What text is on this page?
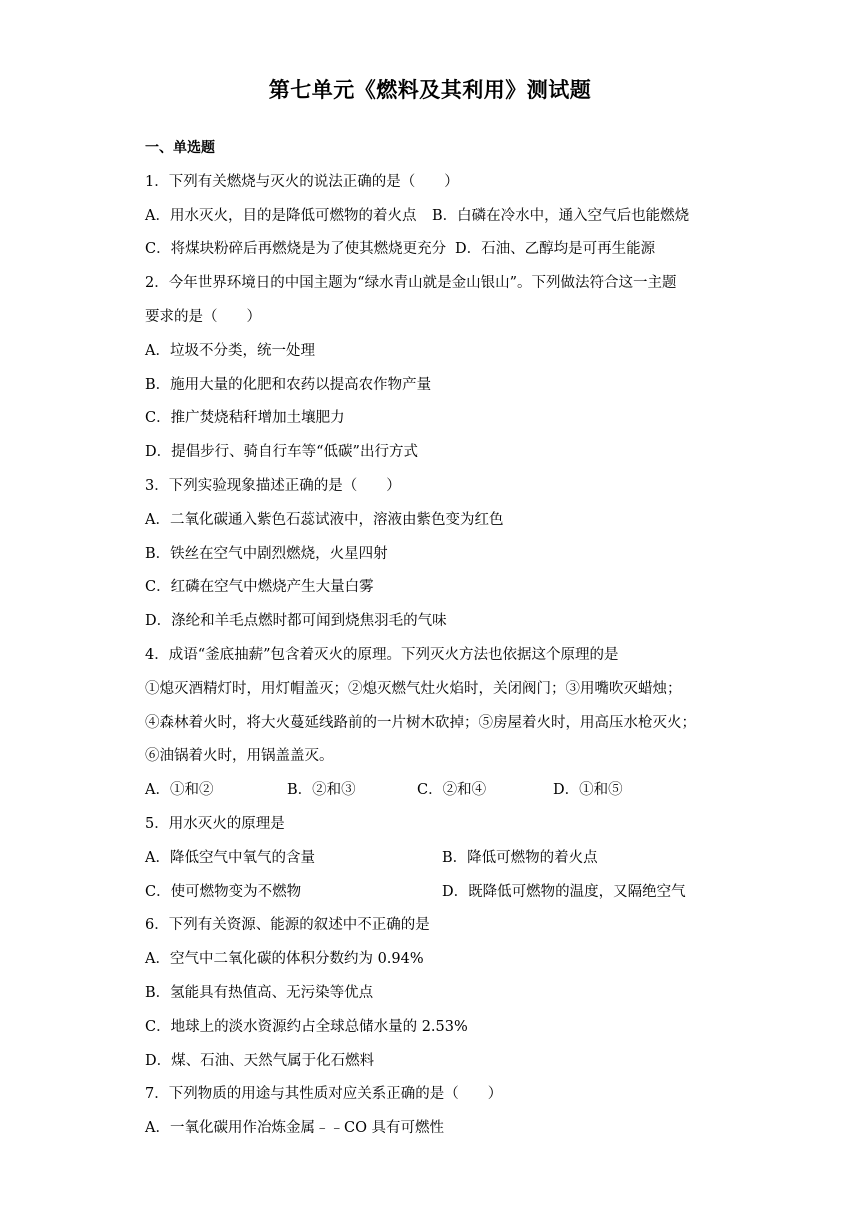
第七单元《燃料及其利用》测试题
一、单选题
1．下列有关燃烧与灭火的说法正确的是（　　）
A．用水灭火，目的是降低可燃物的着火点	B．白磷在冷水中，通入空气后也能燃烧
C．将煤块粉碎后再燃烧是为了使其燃烧更充分 D．石油、乙醇均是可再生能源
2．今年世界环境日的中国主题为“绿水青山就是金山银山”。下列做法符合这一主题
要求的是（　　）
A．垃圾不分类，统一处理
B．施用大量的化肥和农药以提高农作物产量
C．推广焚烧秸秆增加土壤肥力
D．提倡步行、骑自行车等“低碳”出行方式
3．下列实验现象描述正确的是（　　）
A．二氧化碳通入紫色石蕊试液中，溶液由紫色变为红色
B．铁丝在空气中剧烈燃烧，火星四射
C．红磷在空气中燃烧产生大量白雾
D．涤纶和羊毛点燃时都可闻到烧焦羽毛的气味
4．成语“釜底抽薪”包含着灭火的原理。下列灭火方法也依据这个原理的是
①熄灭酒精灯时，用灯帽盖灭；②熄灭燃气灶火焰时，关闭阀门；③用嘴吹灭蜡烛；
④森林着火时，将大火蔓延线路前的一片树木砍掉；⑤房屋着火时，用高压水枪灭火；
⑥油锅着火时，用锅盖盖灭。
A．①和②	B．②和③	C．②和④	D．①和⑤
5．用水灭火的原理是
A．降低空气中氧气的含量	B．降低可燃物的着火点
C．使可燃物变为不燃物	D．既降低可燃物的温度，又隔绝空气
6．下列有关资源、能源的叙述中不正确的是
A．空气中二氧化碳的体积分数约为 0.94%
B．氢能具有热值高、无污染等优点
C．地球上的淡水资源约占全球总储水量的 2.53%
D．煤、石油、天然气属于化石燃料
7．下列物质的用途与其性质对应关系正确的是（　　）
A．一氧化碳用作冶炼金属﹣﹣CO 具有可燃性
